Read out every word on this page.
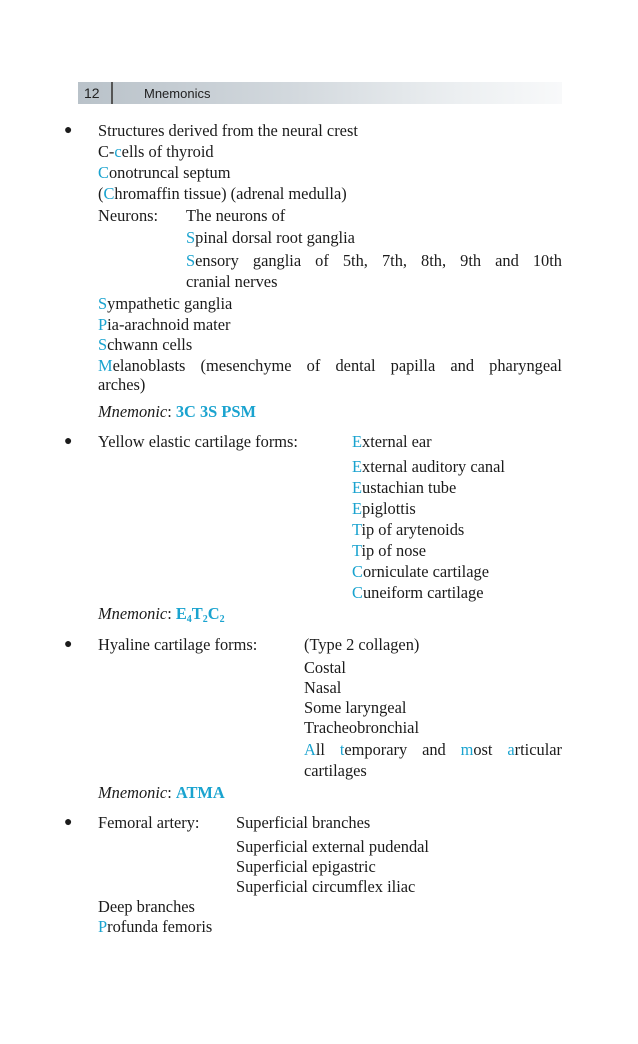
12	Mnemonics
● Structures derived from the neural crest
C-cells of thyroid
Conotruncal septum
(Chromaffin tissue) (adrenal medulla)
Neurons: The neurons of
Spinal dorsal root ganglia
Sensory ganglia of 5th, 7th, 8th, 9th and 10th
cranial nerves
Sympathetic ganglia
Pia-arachnoid mater
Schwann cells
Melanoblasts (mesenchyme of dental papilla and pharyngeal
arches)
Mnemonic: 3C 3S PSM
● Yellow elastic cartilage forms:	External ear
External auditory canal
Eustachian tube
Epiglottis
Tip of arytenoids
Tip of nose
Corniculate cartilage
Cuneiform cartilage
Mnemonic: $E_4T_2C_2$
● Hyaline cartilage forms:	(Type 2 collagen)
Costal
Nasal
Some laryngeal
Tracheobronchial
All temporary and most articular
cartilages
Mnemonic: ATMA
● Femoral artery: Superficial branches
Superficial external pudendal
Superficial epigastric
Superficial circumflex iliac
Deep branches
Profunda femoris
